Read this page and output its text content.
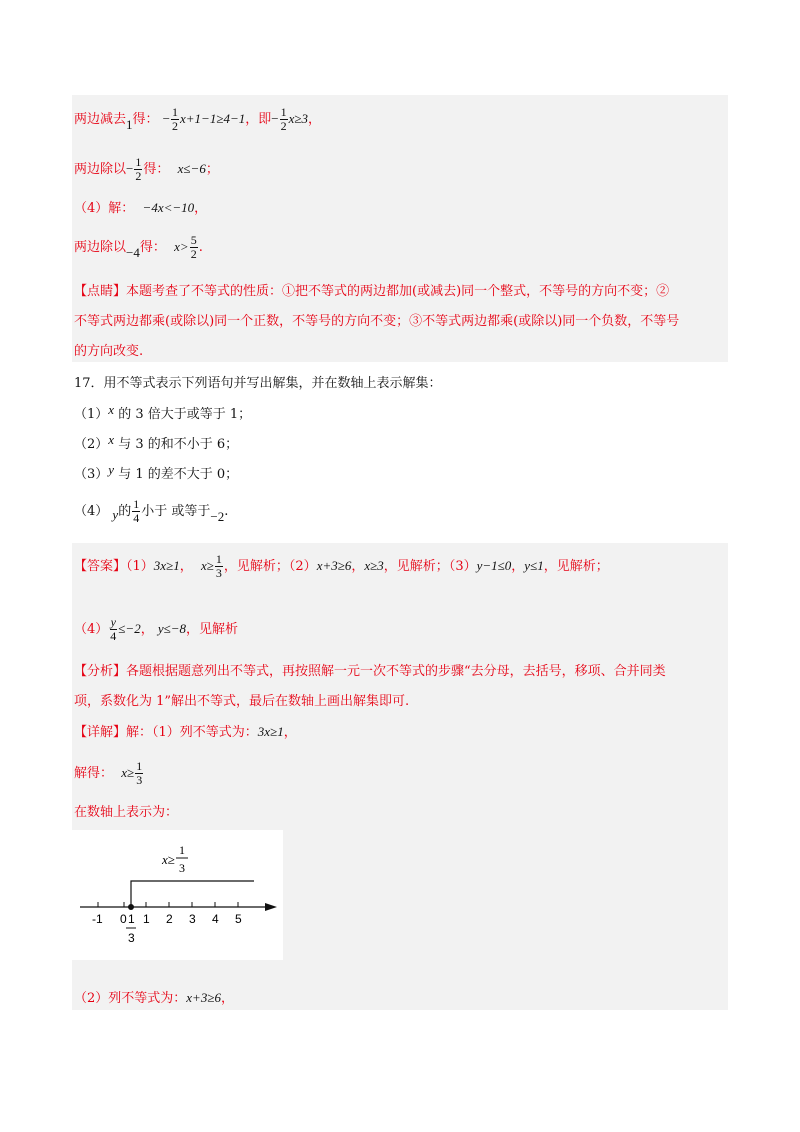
两边减去1得： − $\frac{1}{2} x+1-1\ge 4-1$，即− $\frac{1}{2} x\ge 3$，
两边除以− $\frac{1}{2}$ 得： x≤−6；
（4）解： −4x<−10，
两边除以−4得： $x> \frac{5}{2}$ .
【点睛】本题考查了不等式的性质：①把不等式的两边都加(或减去)同一个整式，不等号的方向不变；②
不等式两边都乘(或除以)同一个正数，不等号的方向不变；③不等式两边都乘(或除以)同一个负数，不等号
的方向改变.
17．用不等式表示下列语句并写出解集，并在数轴上表示解集：
（1）x 的 3 倍大于或等于 1；
（2）x 与 3 的和不小于 6；
（3）y 与 1 的差不大于 0；
（4） y的 $\frac{1}{4}$ 小于 或等于−2.
【答案】（1）3x≥1， $x\ge \frac{1}{3}$ ，见解析；（2）x+3≥6，x≥3，见解析；（3）y−1≤0，y≤1，见解析；
$(4) \frac{y}{4} \le-2$， y≤−8，见解析
【分析】各题根据题意列出不等式，再按照解一元一次不等式的步骤“去分母，去括号，移项、合并同类
项，系数化为 1”解出不等式，最后在数轴上画出解集即可.
【详解】解：（1）列不等式为：3x≥1，
解得： $x\ge \frac{1}{3}$
在数轴上表示为：
x≥
1
3
-1 0 1 1 2 3 4 5
3
（2）列不等式为：x+3≥6，
